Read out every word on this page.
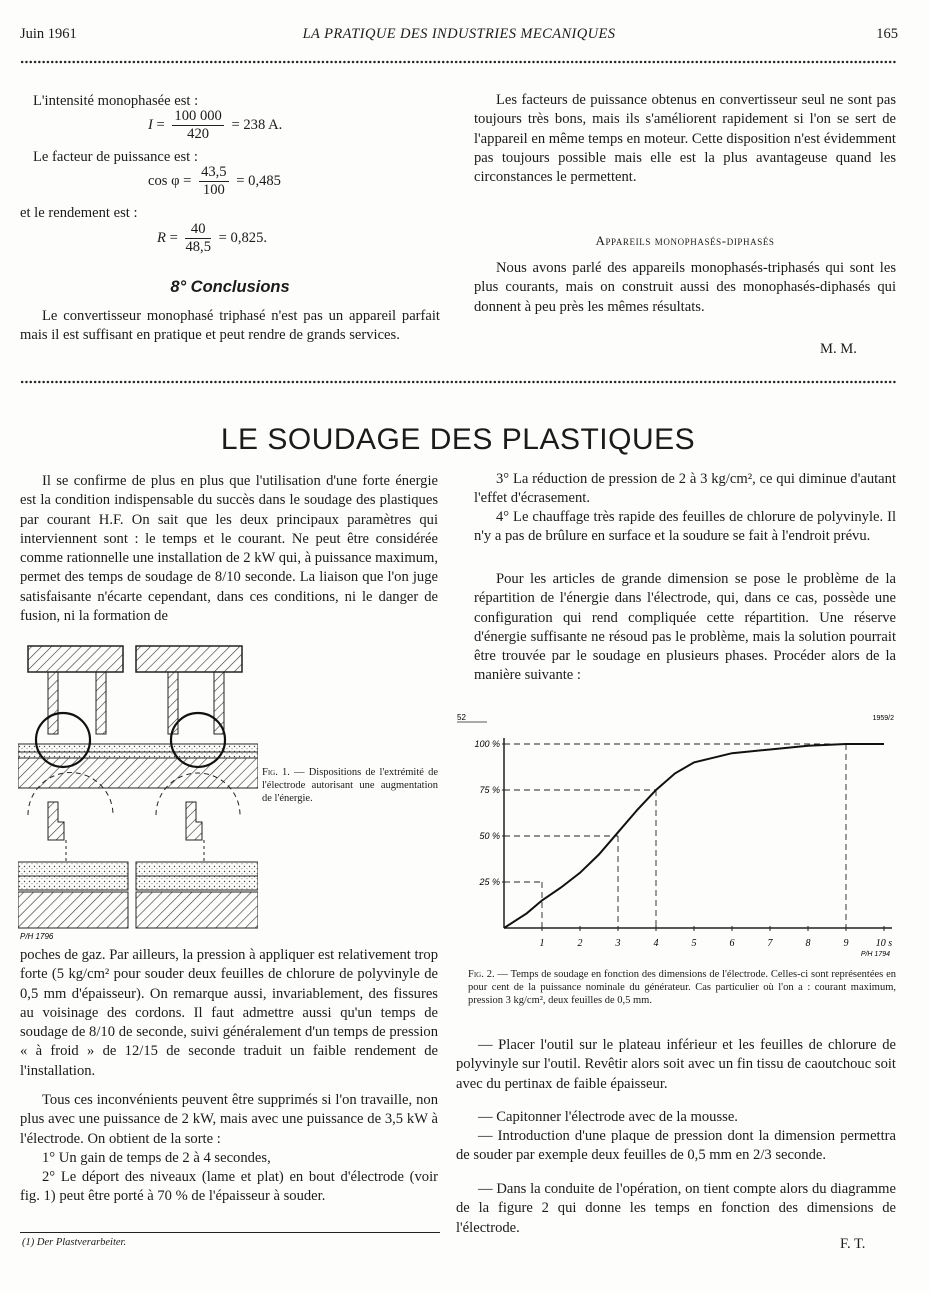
Juin 1961	LA PRATIQUE DES INDUSTRIES MECANIQUES	165
L'intensité monophasée est :
$I = \frac{100 000}{420} = 238$ A.
Le facteur de puissance est :
$\cos \varphi = \frac{43,5}{100} = 0,485$
et le rendement est :
$R = \frac{40}{48,5} = 0,825$.
8° Conclusions

Le convertisseur monophasé triphasé n'est pas un appareil parfait mais il est suffisant en pratique et peut rendre de grands services.

Les facteurs de puissance obtenus en convertisseur seul ne sont pas toujours très bons, mais ils s'améliorent rapidement si l'on se sert de l'appareil en même temps en moteur. Cette disposition n'est évidemment pas toujours possible mais elle est la plus avantageuse quand les circonstances le permettent.

Appareils monophasés-diphasés

Nous avons parlé des appareils monophasés-triphasés qui sont les plus courants, mais on construit aussi des monophasés-diphasés qui donnent à peu près les mêmes résultats.

M. M.
LE SOUDAGE DES PLASTIQUES

Il se confirme de plus en plus que l'utilisation d'une forte énergie est la condition indispensable du succès dans le soudage des plastiques par courant H.F. On sait que les deux principaux paramètres qui interviennent sont : le temps et le courant. Ne peut être considérée comme rationnelle une installation de 2 kW qui, à puissance maximum, permet des temps de soudage de 8/10 seconde. La liaison que l'on juge satisfaisante n'écarte cependant, dans ces conditions, ni le danger de fusion, ni la formation de

P/H 1796
Fig. 1. — Dispositions de l'extrémité de l'électrode autorisant une augmentation de l'énergie.

poches de gaz. Par ailleurs, la pression à appliquer est relativement trop forte (5 kg/cm² pour souder deux feuilles de chlorure de polyvinyle de 0,5 mm d'épaisseur). On remarque aussi, invariablement, des fissures au voisinage des cordons. Il faut admettre aussi qu'un temps de soudage de 8/10 de seconde, suivi généralement d'un temps de pression « à froid » de 12/15 de seconde traduit un faible rendement de l'installation.

Tous ces inconvénients peuvent être supprimés si l'on travaille, non plus avec une puissance de 2 kW, mais avec une puissance de 3,5 kW à l'électrode. On obtient de la sorte :

1° Un gain de temps de 2 à 4 secondes,

2° Le déport des niveaux (lame et plat) en bout d'électrode (voir fig. 1) peut être porté à 70 % de l'épaisseur à souder.

(1) Der Plastverarbeiter.

3° La réduction de pression de 2 à 3 kg/cm², ce qui diminue d'autant l'effet d'écrasement.

4° Le chauffage très rapide des feuilles de chlorure de polyvinyle. Il n'y a pas de brûlure en surface et la soudure se fait à l'endroit prévu.

Pour les articles de grande dimension se pose le problème de la répartition de l'énergie dans l'électrode, qui, dans ce cas, possède une configuration qui rend compliquée cette répartition. Une réserve d'énergie suffisante ne résoud pas le problème, mais la solution pourrait être trouvée par le soudage en plusieurs phases. Procéder alors de la manière suivante :

52	1959/2
25 %
50 %
75 %
100 %
1	2	3	4	5	6	7	8	9	10 s
P/H 1794
Fig. 2. — Temps de soudage en fonction des dimensions de l'électrode. Celles-ci sont représentées en pour cent de la puissance nominale du générateur. Cas particulier où l'on a : courant maximum, pression 3 kg/cm², deux feuilles de 0,5 mm.

— Placer l'outil sur le plateau inférieur et les feuilles de chlorure de polyvinyle sur l'outil. Revêtir alors soit avec un fin tissu de caoutchouc soit avec du pertinax de faible épaisseur.

— Capitonner l'électrode avec de la mousse.

— Introduction d'une plaque de pression dont la dimension permettra de souder par exemple deux feuilles de 0,5 mm en 2/3 seconde.

— Dans la conduite de l'opération, on tient compte alors du diagramme de la figure 2 qui donne les temps en fonction des dimensions de l'électrode.

F. T.
